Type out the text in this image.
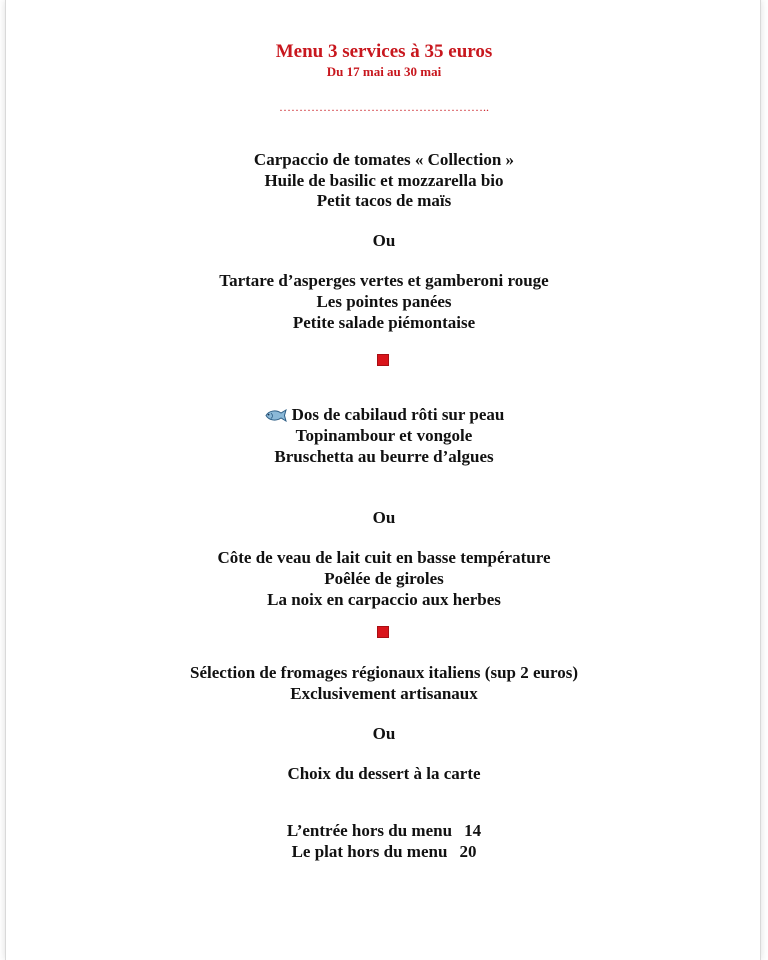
Menu 3 services à 35 euros
Du 17 mai au 30 mai
……………………………………………..
Carpaccio de tomates « Collection »
Huile de basilic et mozzarella bio
Petit tacos de maïs
Ou
Tartare d’asperges vertes et gamberoni rouge
Les pointes panées
Petite salade piémontaise
Dos de cabilaud rôti sur peau
Topinambour et vongole
Bruschetta au beurre d’algues
Ou
Côte de veau de lait cuit en basse température
Poêlée de giroles
La noix en carpaccio aux herbes
Sélection de fromages régionaux italiens (sup 2 euros)
Exclusivement artisanaux
Ou
Choix du dessert à la carte
L’entrée hors du menu 14
Le plat hors du menu 20
